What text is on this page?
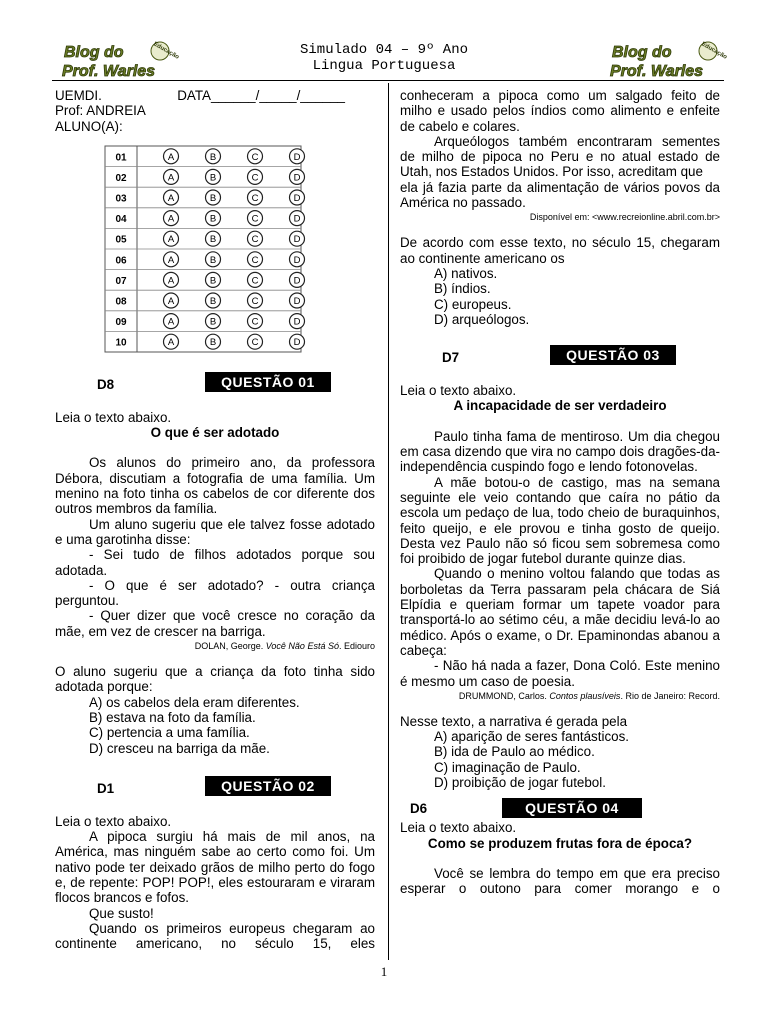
Blog do
Prof. Warles
Educação	Blog do
Prof. Warles
Educação
Simulado 04 – 9º Ano
Lingua Portuguesa
UEMDI.	DATA______/_____/______
Prof: ANDREIA
ALUNO(A):
01	A	B	C	D
02	A	B	C	D
03	A	B	C	D
04	A	B	C	D
05	A	B	C	D
06	A	B	C	D
07	A	B	C	D
08	A	B	C	D
09	A	B	C	D
10	A	B	C	D
D8	QUESTÃO 01
Leia o texto abaixo.
O que é ser adotado
Os alunos do primeiro ano, da professora Débora, discutiam a fotografia de uma família. Um menino na foto tinha os cabelos de cor diferente dos outros membros da família.
Um aluno sugeriu que ele talvez fosse adotado e uma garotinha disse:
- Sei tudo de filhos adotados porque sou adotada.
- O que é ser adotado? - outra criança perguntou.
- Quer dizer que você cresce no coração da mãe, em vez de crescer na barriga.
DOLAN, George. Você Não Está Só. Ediouro
O aluno sugeriu que a criança da foto tinha sido adotada porque:
A) os cabelos dela eram diferentes.
B) estava na foto da família.
C) pertencia a uma família.
D) cresceu na barriga da mãe.
D1	QUESTÃO 02
Leia o texto abaixo.
A pipoca surgiu há mais de mil anos, na América, mas ninguém sabe ao certo como foi. Um nativo pode ter deixado grãos de milho perto do fogo e, de repente: POP! POP!, eles estouraram e viraram flocos brancos e fofos.
Que susto!
Quando os primeiros europeus chegaram ao continente americano, no século 15, eles
conheceram a pipoca como um salgado feito de milho e usado pelos índios como alimento e enfeite de cabelo e colares.
Arqueólogos também encontraram sementes de milho de pipoca no Peru e no atual estado de Utah, nos Estados Unidos. Por isso, acreditam que
ela já fazia parte da alimentação de vários povos da América no passado.
Disponível em: <www.recreionline.abril.com.br>
De acordo com esse texto, no século 15, chegaram ao continente americano os
A) nativos.
B) índios.
C) europeus.
D) arqueólogos.
D7	QUESTÃO 03
Leia o texto abaixo.
A incapacidade de ser verdadeiro
Paulo tinha fama de mentiroso. Um dia chegou em casa dizendo que vira no campo dois dragões-da-independência cuspindo fogo e lendo fotonovelas.
A mãe botou-o de castigo, mas na semana seguinte ele veio contando que caíra no pátio da escola um pedaço de lua, todo cheio de buraquinhos, feito queijo, e ele provou e tinha gosto de queijo. Desta vez Paulo não só ficou sem sobremesa como foi proibido de jogar futebol durante quinze dias.
Quando o menino voltou falando que todas as borboletas da Terra passaram pela chácara de Siá Elpídia e queriam formar um tapete voador para transportá-lo ao sétimo céu, a mãe decidiu levá-lo ao médico. Após o exame, o Dr. Epaminondas abanou a cabeça:
- Não há nada a fazer, Dona Coló. Este menino é mesmo um caso de poesia.
DRUMMOND, Carlos. Contos plausíveis. Rio de Janeiro: Record.
Nesse texto, a narrativa é gerada pela
A) aparição de seres fantásticos.
B) ida de Paulo ao médico.
C) imaginação de Paulo.
D) proibição de jogar futebol.
D6	QUESTÃO 04
Leia o texto abaixo.
Como se produzem frutas fora de época?
Você se lembra do tempo em que era preciso esperar o outono para comer morango e o
1
